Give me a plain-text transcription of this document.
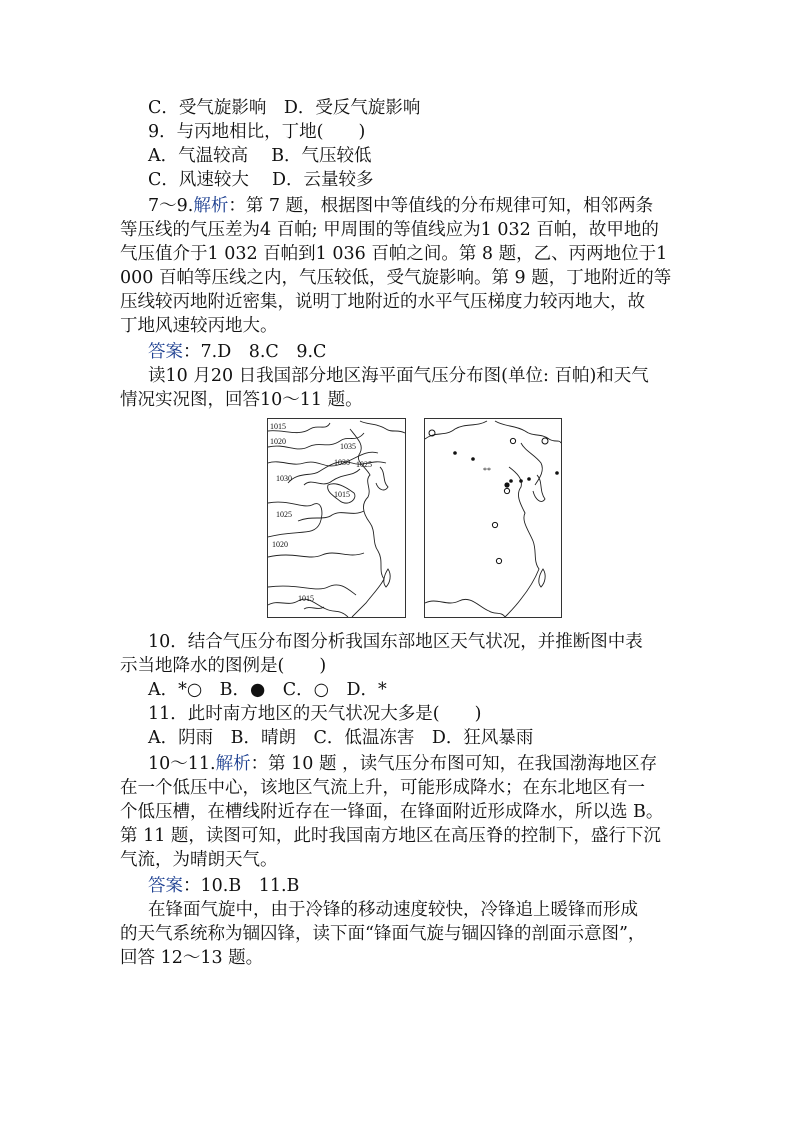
C．受气旋影响　D．受反气旋影响
9．与丙地相比，丁地(　　)
A．气温较高　 B．气压较低
C．风速较大　 D．云量较多
7～9.解析：第 7 题，根据图中等值线的分布规律可知，相邻两条
等压线的气压差为4 百帕; 甲周围的等值线应为1 032 百帕，故甲地的
气压值介于1 032 百帕到1 036 百帕之间。第 8 题，乙、丙两地位于1
000 百帕等压线之内，气压较低，受气旋影响。第 9 题，丁地附近的等
压线较丙地附近密集，说明丁地附近的水平气压梯度力较丙地大，故
丁地风速较丙地大。
答案：7.D　8.C　9.C
读10 月20 日我国部分地区海平面气压分布图(单位: 百帕)和天气
情况实况图，回答10～11 题。
1015
1020
1035
1030 1025
1030
1015
1025
1020
1015
**
10．结合气压分布图分析我国东部地区天气状况，并推断图中表
示当地降水的图例是(　　)
A．*○　B．●　C．○　D．*
11．此时南方地区的天气状况大多是(　　)
A．阴雨　B．晴朗　C．低温冻害　D．狂风暴雨
10～11.解析：第 10 题 ，读气压分布图可知，在我国渤海地区存
在一个低压中心，该地区气流上升，可能形成降水；在东北地区有一
个低压槽，在槽线附近存在一锋面，在锋面附近形成降水，所以选 B。
第 11 题，读图可知，此时我国南方地区在高压脊的控制下，盛行下沉
气流，为晴朗天气。
答案：10.B　11.B
在锋面气旋中，由于冷锋的移动速度较快，冷锋追上暖锋而形成
的天气系统称为锢囚锋，读下面“锋面气旋与锢囚锋的剖面示意图”，
回答 12～13 题。
